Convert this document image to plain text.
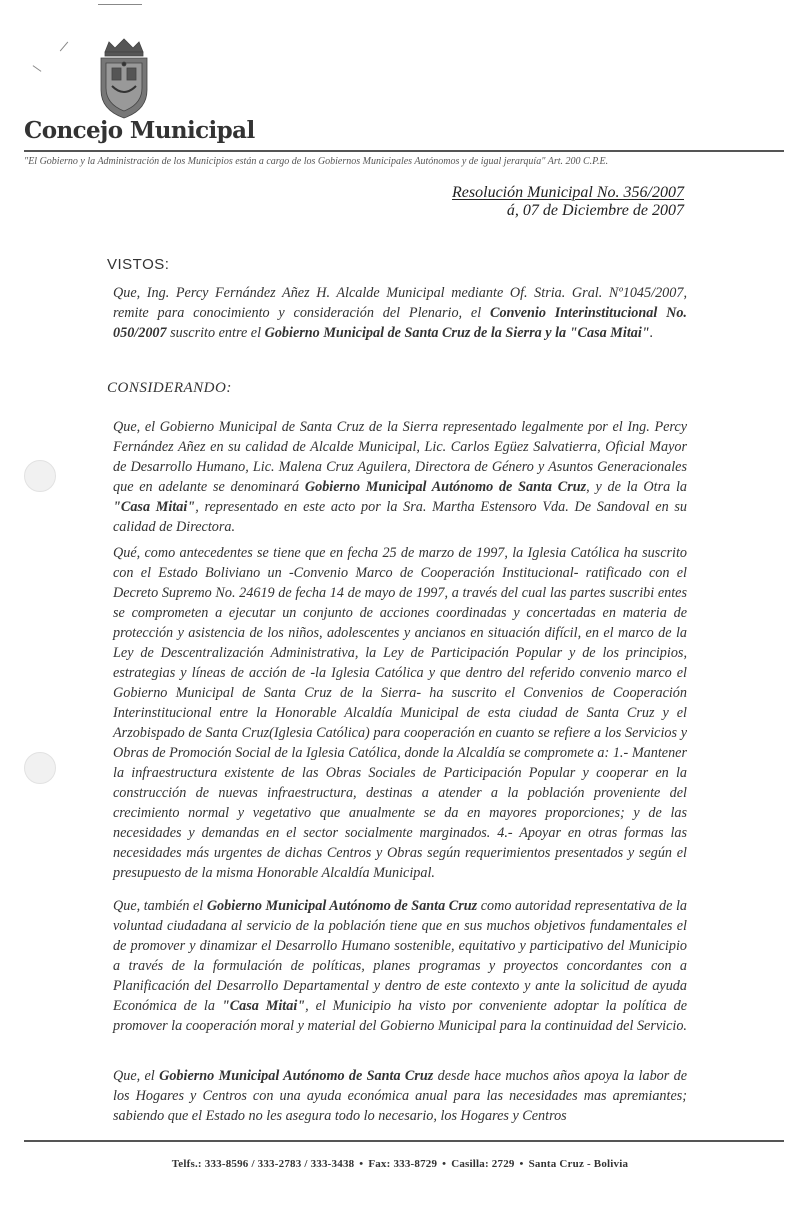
Concejo Municipal
"El Gobierno y la Administración de los Municipios están a cargo de los Gobiernos Municipales Autónomos y de igual jerarquía" Art. 200 C.P.E.
Resolución Municipal No. 356/2007
á, 07 de Diciembre de 2007
VISTOS:

Que, Ing. Percy Fernández Añez H. Alcalde Municipal mediante Of. Stria. Gral. Nº1045/2007, remite para conocimiento y consideración del Plenario, el Convenio Interinstitucional No. 050/2007 suscrito entre el Gobierno Municipal de Santa Cruz de la Sierra y la "Casa Mitai".

CONSIDERANDO:

Que, el Gobierno Municipal de Santa Cruz de la Sierra representado legalmente por el Ing. Percy Fernández Añez en su calidad de Alcalde Municipal, Lic. Carlos Egüez Salvatierra, Oficial Mayor de Desarrollo Humano, Lic. Malena Cruz Aguilera, Directora de Género y Asuntos Generacionales que en adelante se denominará Gobierno Municipal Autónomo de Santa Cruz, y de la Otra la "Casa Mitai", representado en este acto por la Sra. Martha Estensoro Vda. De Sandoval en su calidad de Directora.

Qué, como antecedentes se tiene que en fecha 25 de marzo de 1997, la Iglesia Católica ha suscrito con el Estado Boliviano un -Convenio Marco de Cooperación Institucional- ratificado con el Decreto Supremo No. 24619 de fecha 14 de mayo de 1997, a través del cual las partes suscribi entes se comprometen a ejecutar un conjunto de acciones coordinadas y concertadas en materia de protección y asistencia de los niños, adolescentes y ancianos en situación difícil, en el marco de la Ley de Descentralización Administrativa, la Ley de Participación Popular y de los principios, estrategias y líneas de acción de -la Iglesia Católica y que dentro del referido convenio marco el Gobierno Municipal de Santa Cruz de la Sierra- ha suscrito el Convenios de Cooperación Interinstitucional entre la Honorable Alcaldía Municipal de esta ciudad de Santa Cruz y el Arzobispado de Santa Cruz(Iglesia Católica) para cooperación en cuanto se refiere a los Servicios y Obras de Promoción Social de la Iglesia Católica, donde la Alcaldía se compromete a: 1.- Mantener la infraestructura existente de las Obras Sociales de Participación Popular y cooperar en la construcción de nuevas infraestructura, destinas a atender a la población proveniente del crecimiento normal y vegetativo que anualmente se da en mayores proporciones; y de las necesidades y demandas en el sector socialmente marginados. 4.- Apoyar en otras formas las necesidades más urgentes de dichas Centros y Obras según requerimientos presentados y según el presupuesto de la misma Honorable Alcaldía Municipal.

Que, también el Gobierno Municipal Autónomo de Santa Cruz como autoridad representativa de la voluntad ciudadana al servicio de la población tiene que en sus muchos objetivos fundamentales el de promover y dinamizar el Desarrollo Humano sostenible, equitativo y participativo del Municipio a través de la formulación de políticas, planes programas y proyectos concordantes con a Planificación del Desarrollo Departamental y dentro de este contexto y ante la solicitud de ayuda Económica de la "Casa Mitai", el Municipio ha visto por conveniente adoptar la política de promover la cooperación moral y material del Gobierno Municipal para la continuidad del Servicio.

Que, el Gobierno Municipal Autónomo de Santa Cruz desde hace muchos años apoya la labor de los Hogares y Centros con una ayuda económica anual para las necesidades mas apremiantes; sabiendo que el Estado no les asegura todo lo necesario, los Hogares y Centros

Telfs.: 333-8596 / 333-2783 / 333-3438 • Fax: 333-8729 • Casilla: 2729 • Santa Cruz - Bolivia
